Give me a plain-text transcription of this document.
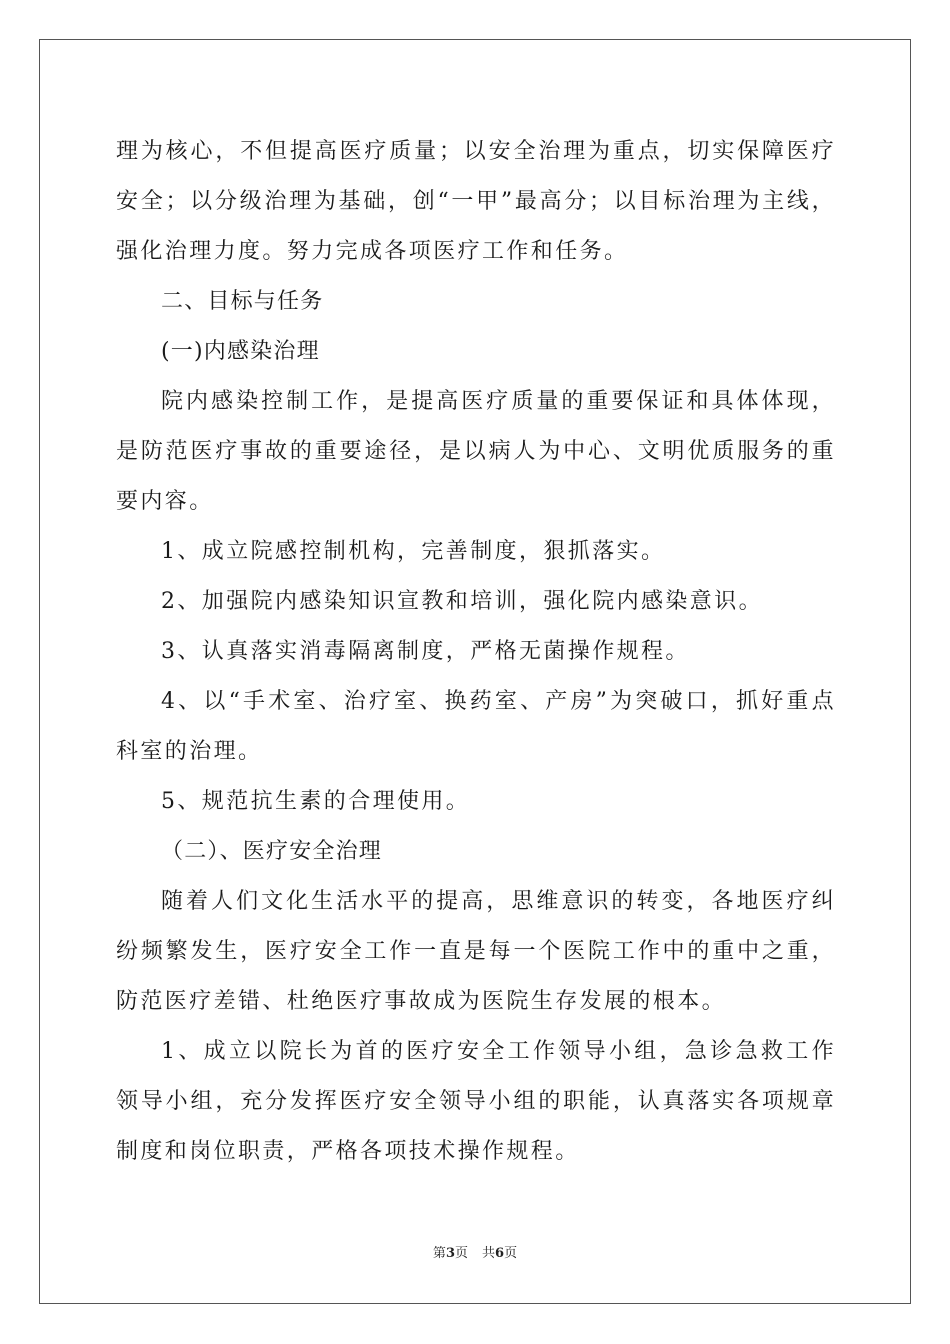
理为核心，不但提高医疗质量；以安全治理为重点，切实保障医疗安全；以分级治理为基础，创“一甲”最高分；以目标治理为主线，强化治理力度。努力完成各项医疗工作和任务。

二、目标与任务

(一)内感染治理

院内感染控制工作，是提高医疗质量的重要保证和具体体现，是防范医疗事故的重要途径，是以病人为中心、文明优质服务的重要内容。

1、成立院感控制机构，完善制度，狠抓落实。

2、加强院内感染知识宣教和培训，强化院内感染意识。

3、认真落实消毒隔离制度，严格无菌操作规程。

4、以“手术室、治疗室、换药室、产房”为突破口，抓好重点科室的治理。

5、规范抗生素的合理使用。

（二）、医疗安全治理

随着人们文化生活水平的提高，思维意识的转变，各地医疗纠纷频繁发生，医疗安全工作一直是每一个医院工作中的重中之重，防范医疗差错、杜绝医疗事故成为医院生存发展的根本。

1、成立以院长为首的医疗安全工作领导小组，急诊急救工作领导小组，充分发挥医疗安全领导小组的职能，认真落实各项规章制度和岗位职责，严格各项技术操作规程。

第3页 共6页
